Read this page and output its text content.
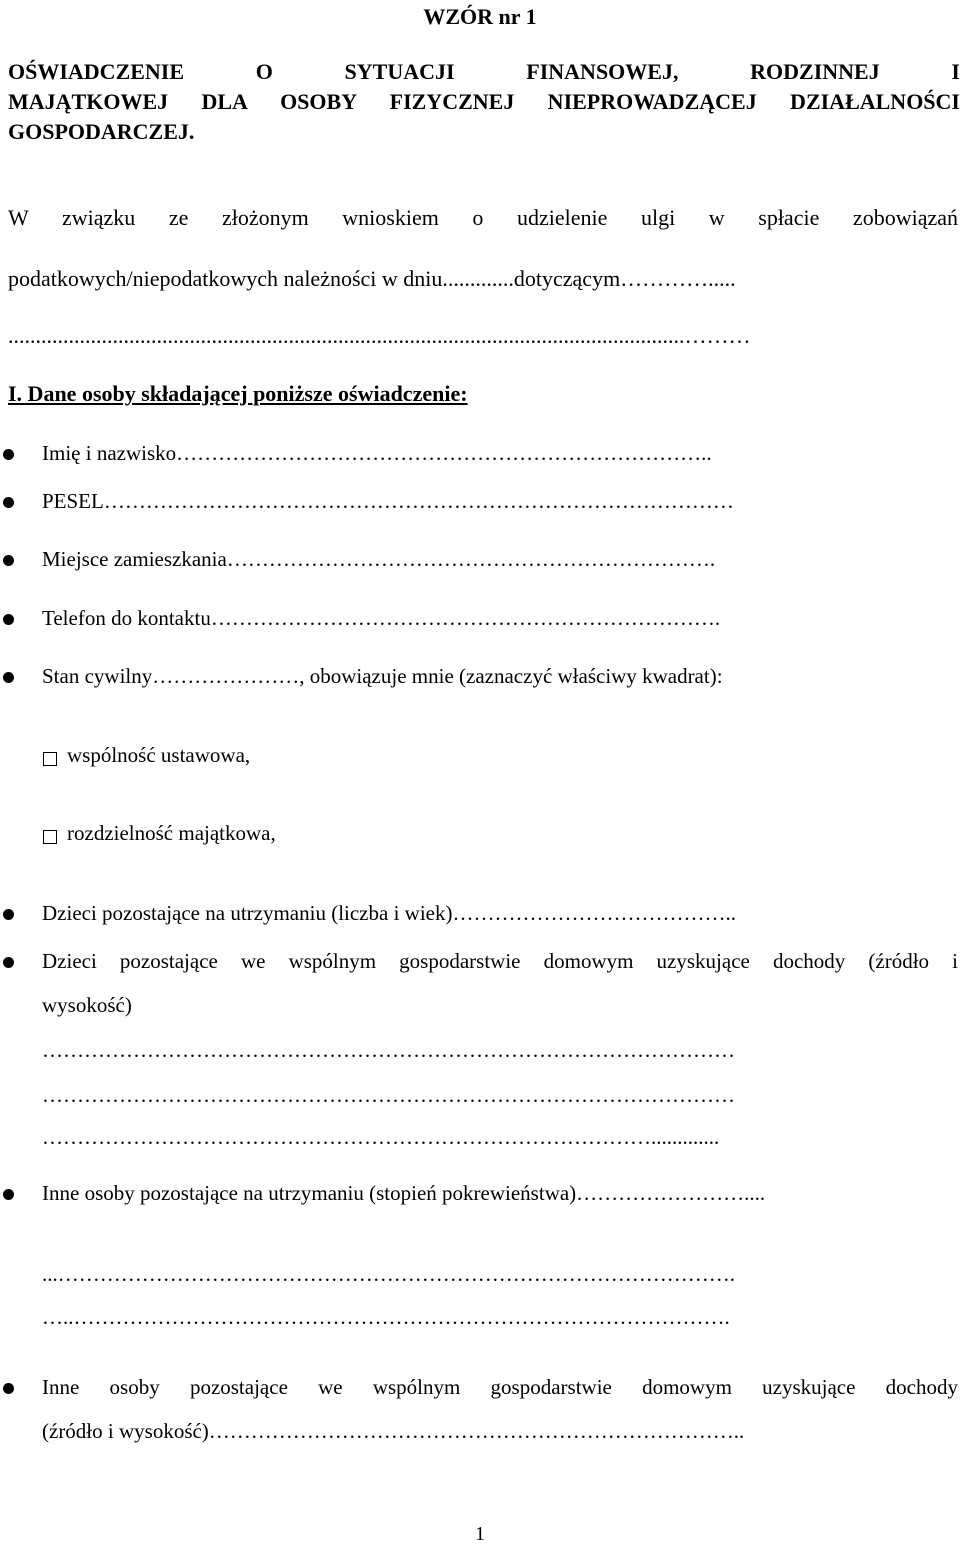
WZÓR nr 1
OŚWIADCZENIE O SYTUACJI FINANSOWEJ, RODZINNEJ I
MAJĄTKOWEJ DLA OSOBY FIZYCZNEJ NIEPROWADZĄCEJ DZIAŁALNOŚCI
GOSPODARCZEJ.
W związku ze złożonym wnioskiem o udzielenie ulgi w spłacie zobowiązań
podatkowych/niepodatkowych należności w dniu.............dotyczącym………….....
...........................................................................................................................………
I. Dane osoby składającej poniższe oświadczenie:
Imię i nazwisko…………………………………………………………………..
PESEL………………………………………………………………………………
Miejsce zamieszkania…………………………………………………………….
Telefon do kontaktu……………………………………………………………….
Stan cywilny…………………, obowiązuje mnie (zaznaczyć właściwy kwadrat):
wspólność ustawowa,
rozdzielność majątkowa,
Dzieci pozostające na utrzymaniu (liczba i wiek)…………………………………..
Dzieci pozostające we wspólnym gospodarstwie domowym uzyskujące dochody (źródło i
wysokość)
………………………………………………………………………………………
………………………………………………………………………………………
…………………………………………………………………………….............
Inne osoby pozostające na utrzymaniu (stopień pokrewieństwa)……………………....
...…………………………………………………………………………………….
…..………………………………………………………………………………….
Inne osoby pozostające we wspólnym gospodarstwie domowym uzyskujące dochody
(źródło i wysokość)…………………………………………………………………..
1
